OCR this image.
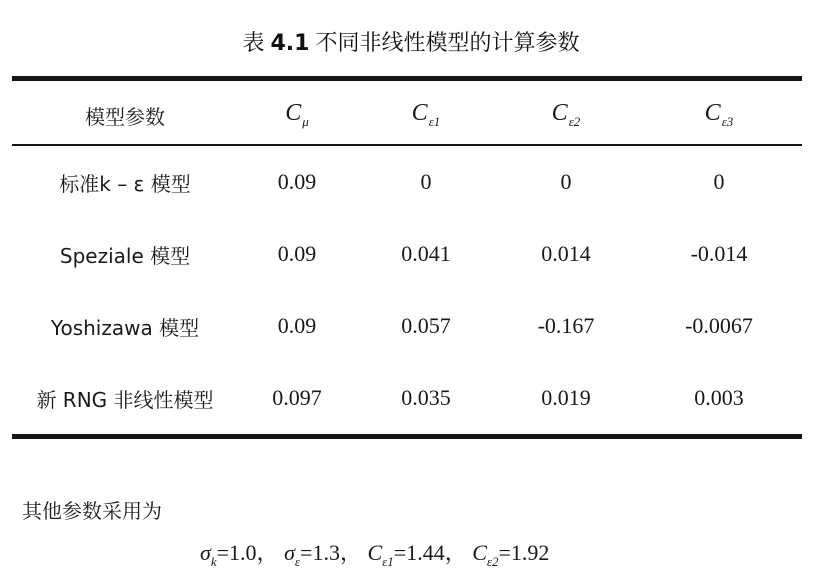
表 4.1 不同非线性模型的计算参数
模型参数	$C_\mu$	$C_{\varepsilon 1}$	$C_{\varepsilon 2}$	$C_{\varepsilon 3}$
标准k – ε 模型	0.09	0	0	0
Speziale 模型	0.09	0.041	0.014	-0.014
Yoshizawa 模型	0.09	0.057	-0.167	-0.0067
新 RNG 非线性模型	0.097	0.035	0.019	0.003
其他参数采用为
$\sigma_k=1.0$， $\sigma_\varepsilon=1.3$， $C_{\varepsilon 1}=1.44$， $C_{\varepsilon 2}=1.92$
